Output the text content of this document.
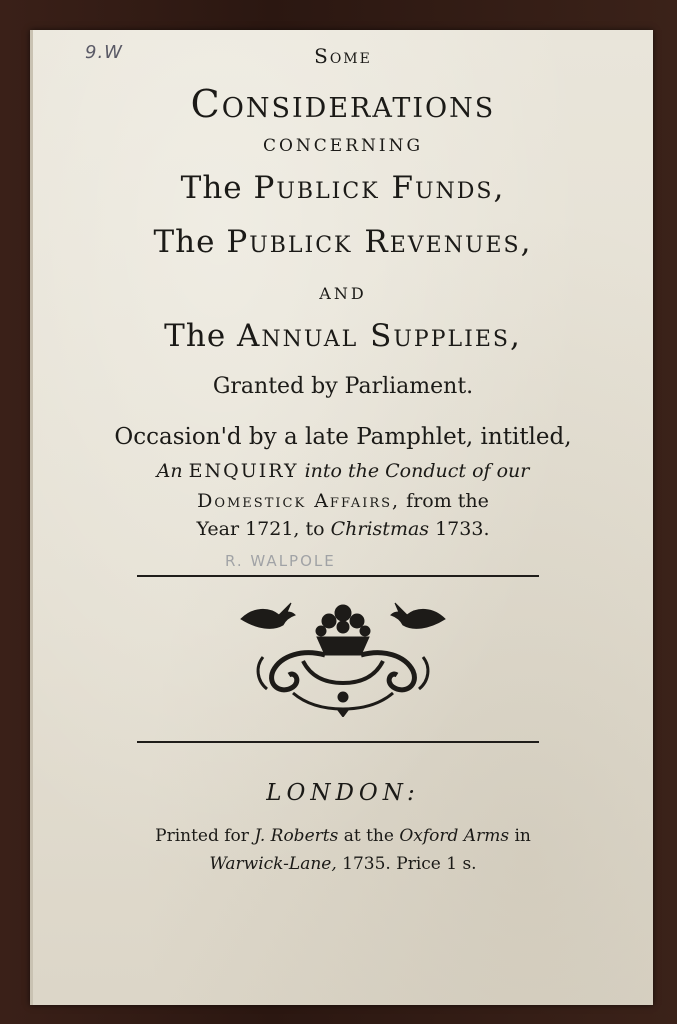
9.W	Some
Considerations
CONCERNING
The Publick Funds,
The Publick Revenues,
AND
The Annual Supplies,
Granted by Parliament.
Occasion'd by a late Pamphlet, intitled,
An ENQUIRY into the Conduct of our
Domestick Affairs, from the
Year 1721, to Christmas 1733.
R. WALPOLE
LONDON:
Printed for J. Roberts at the Oxford Arms in
Warwick-Lane, 1735. Price 1 s.
